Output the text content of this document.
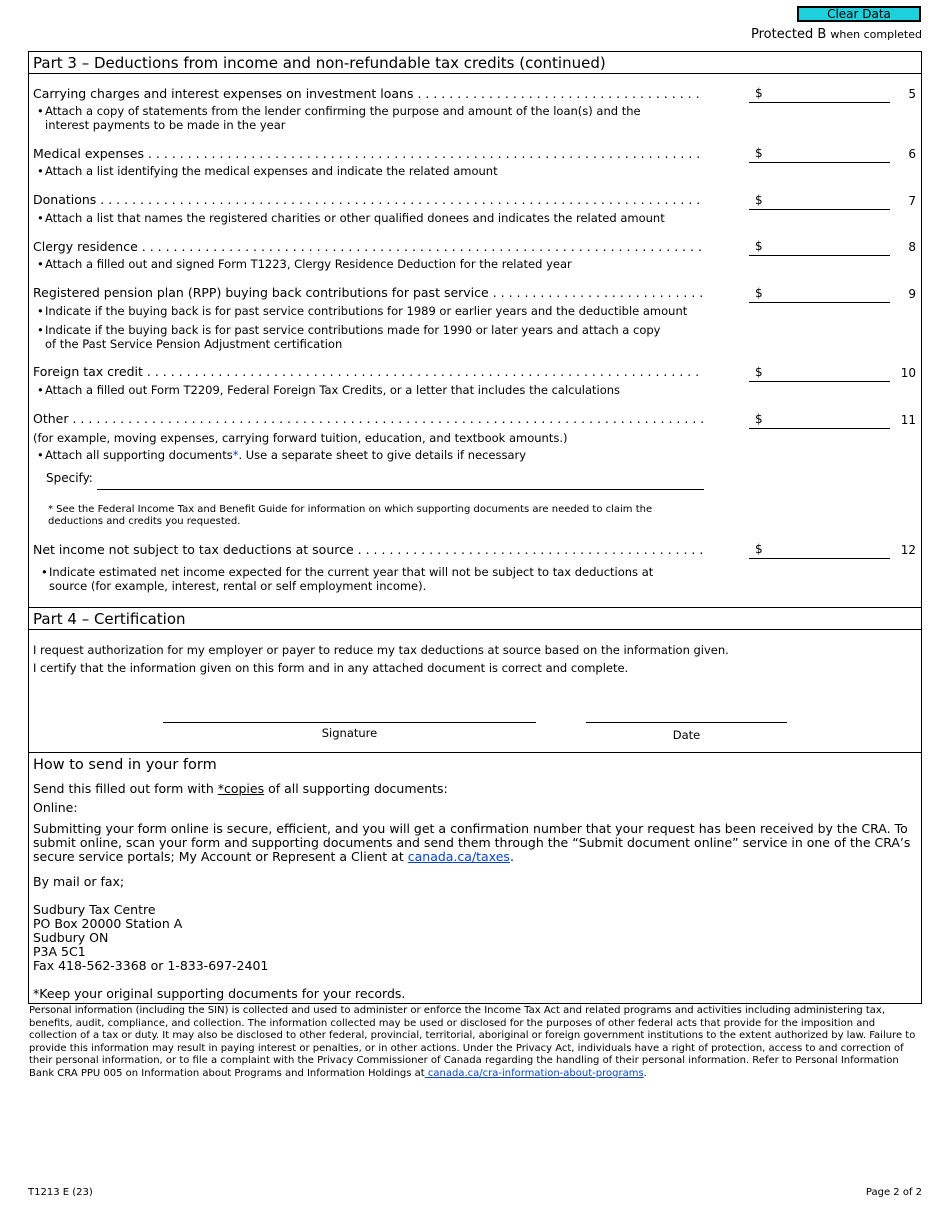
Clear Data
Protected B when completed
Part 3 – Deductions from income and non-refundable tax credits (continued)
Carrying charges and interest expenses on investment loans . . .	$	5
• Attach a copy of statements from the lender confirming the purpose and amount of the loan(s) and the interest payments to be made in the year
Medical expenses . . .	$	6
•Attach a list identifying the medical expenses and indicate the related amount
Donations . . .	$	7
•Attach a list that names the registered charities or other qualified donees and indicates the related amount
Clergy residence . . .	$	8
•Attach a filled out and signed Form T1223, Clergy Residence Deduction for the related year
Registered pension plan (RPP) buying back contributions for past service . . .	$	9
•Indicate if the buying back is for past service contributions for 1989 or earlier years and the deductible amount
• Indicate if the buying back is for past service contributions made for 1990 or later years and attach a copy of the Past Service Pension Adjustment certification
Foreign tax credit . . .	$	10
•Attach a filled out Form T2209, Federal Foreign Tax Credits, or a letter that includes the calculations
Other . . .	$	11
(for example, moving expenses, carrying forward tuition, education, and textbook amounts.)
•Attach all supporting documents*. Use a separate sheet to give details if necessary
Specify:
* See the Federal Income Tax and Benefit Guide for information on which supporting documents are needed to claim the deductions and credits you requested.
Net income not subject to tax deductions at source . . .	$	12
• Indicate estimated net income expected for the current year that will not be subject to tax deductions at source (for example, interest, rental or self employment income).
Part 4 – Certification
I request authorization for my employer or payer to reduce my tax deductions at source based on the information given.
I certify that the information given on this form and in any attached document is correct and complete.
Signature	Date
How to send in your form
Send this filled out form with *copies of all supporting documents:
Online:
Submitting your form online is secure, efficient, and you will get a confirmation number that your request has been received by the CRA. To submit online, scan your form and supporting documents and send them through the “Submit document online” service in one of the CRA’s secure service portals; My Account or Represent a Client at canada.ca/taxes.
By mail or fax;
Sudbury Tax Centre
PO Box 20000 Station A
Sudbury ON
P3A 5C1
Fax 418-562-3368 or 1-833-697-2401
*Keep your original supporting documents for your records.
Personal information (including the SIN) is collected and used to administer or enforce the Income Tax Act and related programs and activities including administering tax, benefits, audit, compliance, and collection. The information collected may be used or disclosed for the purposes of other federal acts that provide for the imposition and collection of a tax or duty. It may also be disclosed to other federal, provincial, territorial, aboriginal or foreign government institutions to the extent authorized by law. Failure to provide this information may result in paying interest or penalties, or in other actions. Under the Privacy Act, individuals have a right of protection, access to and correction of their personal information, or to file a complaint with the Privacy Commissioner of Canada regarding the handling of their personal information. Refer to Personal Information Bank CRA PPU 005 on Information about Programs and Information Holdings at canada.ca/cra-information-about-programs.
T1213 E (23)	Page 2 of 2
